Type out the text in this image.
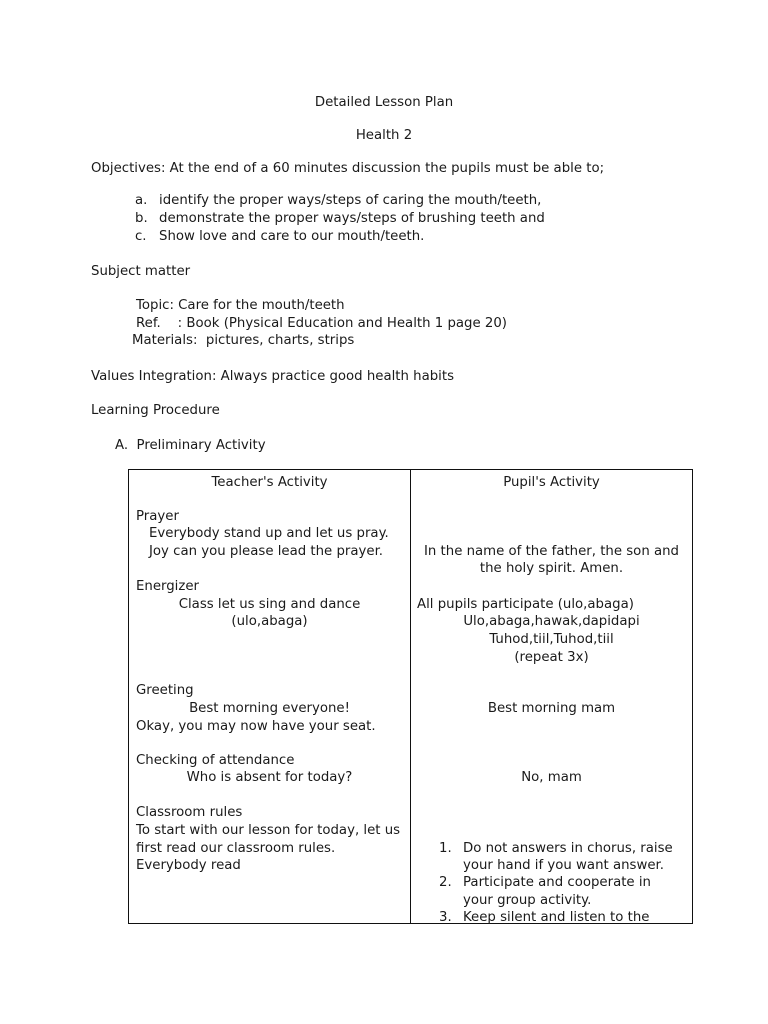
Detailed Lesson Plan
Health 2
Objectives: At the end of a 60 minutes discussion the pupils must be able to;
a. identify the proper ways/steps of caring the mouth/teeth,
b. demonstrate the proper ways/steps of brushing teeth and
c. Show love and care to our mouth/teeth.
Subject matter
Topic: Care for the mouth/teeth
Ref.    : Book (Physical Education and Health 1 page 20)
Materials:  pictures, charts, strips
Values Integration: Always practice good health habits
Learning Procedure
A.  Preliminary Activity
Teacher's Activity
Prayer
Everybody stand up and let us pray.
Joy can you please lead the prayer.
Energizer
Class let us sing and dance
(ulo,abaga)
Greeting
Best morning everyone!
Okay, you may now have your seat.
Checking of attendance
Who is absent for today?
Classroom rules
To start with our lesson for today, let us
first read our classroom rules.
Everybody read
Pupil's Activity
In the name of the father, the son and
the holy spirit. Amen.
All pupils participate (ulo,abaga)
Ulo,abaga,hawak,dapidapi
Tuhod,tiil,Tuhod,tiil
(repeat 3x)
Best morning mam
No, mam
1. Do not answers in chorus, raise
your hand if you want answer.
2. Participate and cooperate in
your group activity.
3. Keep silent and listen to the
